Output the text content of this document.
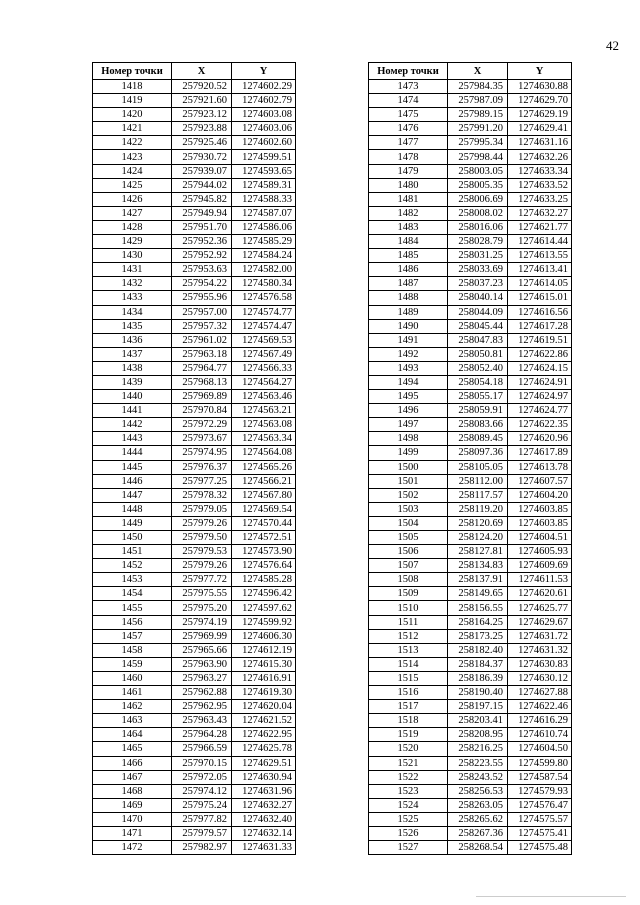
42
Номер точки	X	Y
1418	257920.52	1274602.29
1419	257921.60	1274602.79
1420	257923.12	1274603.08
1421	257923.88	1274603.06
1422	257925.46	1274602.60
1423	257930.72	1274599.51
1424	257939.07	1274593.65
1425	257944.02	1274589.31
1426	257945.82	1274588.33
1427	257949.94	1274587.07
1428	257951.70	1274586.06
1429	257952.36	1274585.29
1430	257952.92	1274584.24
1431	257953.63	1274582.00
1432	257954.22	1274580.34
1433	257955.96	1274576.58
1434	257957.00	1274574.77
1435	257957.32	1274574.47
1436	257961.02	1274569.53
1437	257963.18	1274567.49
1438	257964.77	1274566.33
1439	257968.13	1274564.27
1440	257969.89	1274563.46
1441	257970.84	1274563.21
1442	257972.29	1274563.08
1443	257973.67	1274563.34
1444	257974.95	1274564.08
1445	257976.37	1274565.26
1446	257977.25	1274566.21
1447	257978.32	1274567.80
1448	257979.05	1274569.54
1449	257979.26	1274570.44
1450	257979.50	1274572.51
1451	257979.53	1274573.90
1452	257979.26	1274576.64
1453	257977.72	1274585.28
1454	257975.55	1274596.42
1455	257975.20	1274597.62
1456	257974.19	1274599.92
1457	257969.99	1274606.30
1458	257965.66	1274612.19
1459	257963.90	1274615.30
1460	257963.27	1274616.91
1461	257962.88	1274619.30
1462	257962.95	1274620.04
1463	257963.43	1274621.52
1464	257964.28	1274622.95
1465	257966.59	1274625.78
1466	257970.15	1274629.51
1467	257972.05	1274630.94
1468	257974.12	1274631.96
1469	257975.24	1274632.27
1470	257977.82	1274632.40
1471	257979.57	1274632.14
1472	257982.97	1274631.33
Номер точки	X	Y
1473	257984.35	1274630.88
1474	257987.09	1274629.70
1475	257989.15	1274629.19
1476	257991.20	1274629.41
1477	257995.34	1274631.16
1478	257998.44	1274632.26
1479	258003.05	1274633.34
1480	258005.35	1274633.52
1481	258006.69	1274633.25
1482	258008.02	1274632.27
1483	258016.06	1274621.77
1484	258028.79	1274614.44
1485	258031.25	1274613.55
1486	258033.69	1274613.41
1487	258037.23	1274614.05
1488	258040.14	1274615.01
1489	258044.09	1274616.56
1490	258045.44	1274617.28
1491	258047.83	1274619.51
1492	258050.81	1274622.86
1493	258052.40	1274624.15
1494	258054.18	1274624.91
1495	258055.17	1274624.97
1496	258059.91	1274624.77
1497	258083.66	1274622.35
1498	258089.45	1274620.96
1499	258097.36	1274617.89
1500	258105.05	1274613.78
1501	258112.00	1274607.57
1502	258117.57	1274604.20
1503	258119.20	1274603.85
1504	258120.69	1274603.85
1505	258124.20	1274604.51
1506	258127.81	1274605.93
1507	258134.83	1274609.69
1508	258137.91	1274611.53
1509	258149.65	1274620.61
1510	258156.55	1274625.77
1511	258164.25	1274629.67
1512	258173.25	1274631.72
1513	258182.40	1274631.32
1514	258184.37	1274630.83
1515	258186.39	1274630.12
1516	258190.40	1274627.88
1517	258197.15	1274622.46
1518	258203.41	1274616.29
1519	258208.95	1274610.74
1520	258216.25	1274604.50
1521	258223.55	1274599.80
1522	258243.52	1274587.54
1523	258256.53	1274579.93
1524	258263.05	1274576.47
1525	258265.62	1274575.57
1526	258267.36	1274575.41
1527	258268.54	1274575.48
